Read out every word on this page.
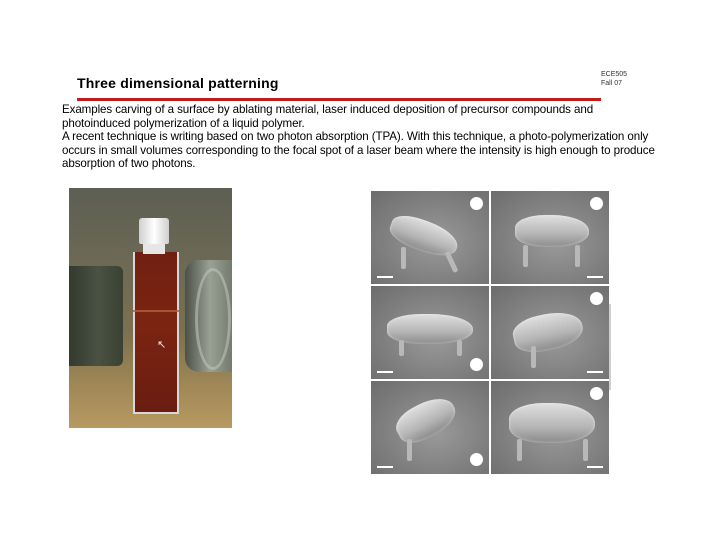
Three dimensional patterning
ECE505
Fall 07

Examples carving of a surface by ablating material, laser induced deposition of precursor compounds and photoinduced polymerization of a liquid polymer.

A recent technique is writing based on two photon absorption (TPA). With this technique, a photo-polymerization only occurs in small volumes corresponding to the focal spot of a laser beam where the intensity is high enough to produce absorption of two photons.

↖
